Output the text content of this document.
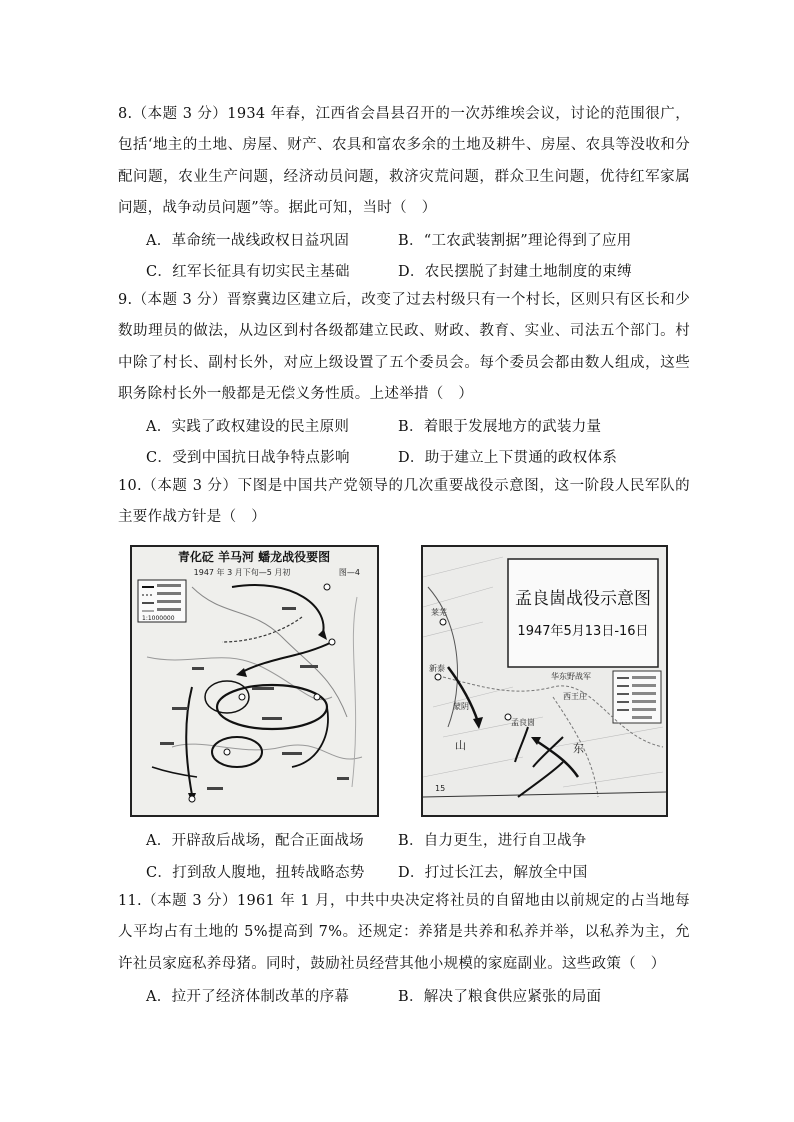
8.（本题 3 分）1934 年春，江西省会昌县召开的一次苏维埃会议，讨论的范围很广，包括‘地主的土地、房屋、财产、农具和富农多余的土地及耕牛、房屋、农具等没收和分配问题，农业生产问题，经济动员问题，救济灾荒问题，群众卫生问题，优待红军家属问题，战争动员问题”等。据此可知，当时（　）
A．革命统一战线政权日益巩固	B．“工农武装割据”理论得到了应用
C．红军长征具有切实民主基础	D．农民摆脱了封建土地制度的束缚
9.（本题 3 分）晋察冀边区建立后，改变了过去村级只有一个村长，区则只有区长和少数助理员的做法，从边区到村各级都建立民政、财政、教育、实业、司法五个部门。村中除了村长、副村长外，对应上级设置了五个委员会。每个委员会都由数人组成，这些职务除村长外一般都是无偿义务性质。上述举措（　）
A．实践了政权建设的民主原则	B．着眼于发展地方的武装力量
C．受到中国抗日战争特点影响	D．助于建立上下贯通的政权体系
10.（本题 3 分）下图是中国共产党领导的几次重要战役示意图，这一阶段人民军队的主要作战方针是（　）
青化砭 羊马河 蟠龙战役要图
1947 年 3 月下旬—5 月初	图—4
1:1000000
孟良崮战役示意图
1947年5月13日-16日
莱芜
新泰
华东野战军
西王庄
蒙阴
孟良崮
山	东
15
A．开辟敌后战场，配合正面战场 B．自力更生，进行自卫战争
C．打到敌人腹地，扭转战略态势 D．打过长江去，解放全中国
11.（本题 3 分）1961 年 1 月，中共中央决定将社员的自留地由以前规定的占当地每人平均占有土地的 5%提高到 7%。还规定：养猪是共养和私养并举，以私养为主，允许社员家庭私养母猪。同时，鼓励社员经营其他小规模的家庭副业。这些政策（　）
A．拉开了经济体制改革的序幕	B．解决了粮食供应紧张的局面
